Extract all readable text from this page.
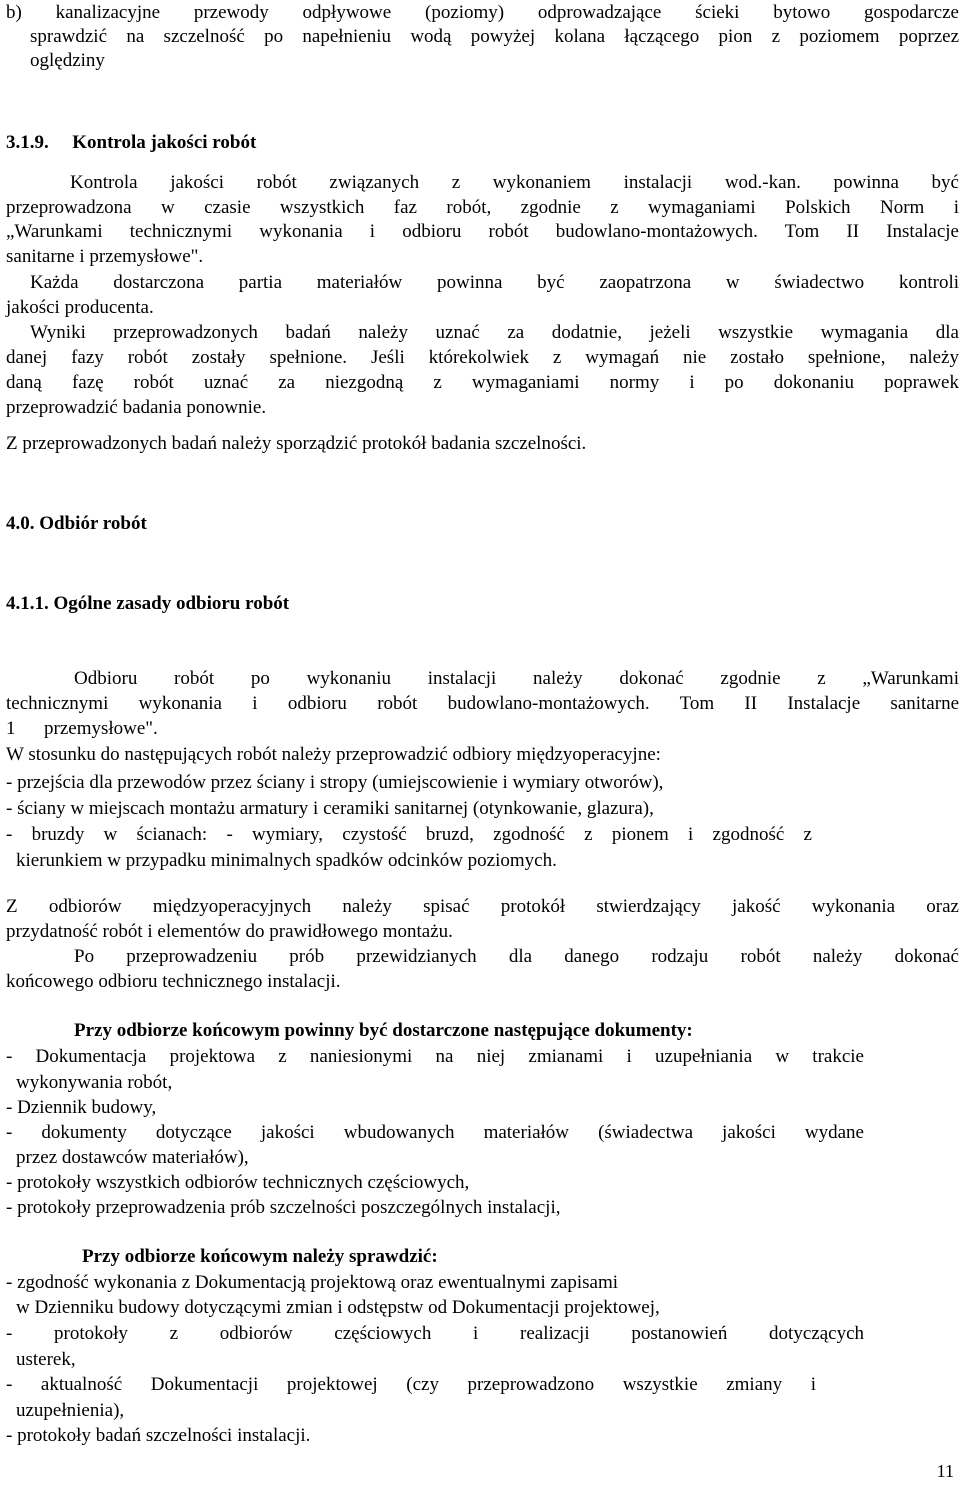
b) kanalizacyjne przewody odpływowe (poziomy) odprowadzające ścieki bytowo gospodarcze
sprawdzić na szczelność po napełnieniu wodą powyżej kolana łączącego pion z poziomem poprzez
oględziny
3.1.9. Kontrola jakości robót
Kontrola jakości robót związanych z wykonaniem instalacji wod.-kan. powinna być
przeprowadzona w czasie wszystkich faz robót, zgodnie z wymaganiami Polskich Norm i
„Warunkami technicznymi wykonania i odbioru robót budowlano-montażowych. Tom II Instalacje
sanitarne i przemysłowe".
Każda dostarczona partia materiałów powinna być zaopatrzona w świadectwo kontroli
jakości producenta.
Wyniki przeprowadzonych badań należy uznać za dodatnie, jeżeli wszystkie wymagania dla
danej fazy robót zostały spełnione. Jeśli którekolwiek z wymagań nie zostało spełnione, należy
daną fazę robót uznać za niezgodną z wymaganiami normy i po dokonaniu poprawek
przeprowadzić badania ponownie.
Z przeprowadzonych badań należy sporządzić protokół badania szczelności.
4.0. Odbiór robót
4.1.1. Ogólne zasady odbioru robót
Odbioru robót po wykonaniu instalacji należy dokonać zgodnie z „Warunkami
technicznymi wykonania i odbioru robót budowlano-montażowych. Tom II Instalacje sanitarne
1      przemysłowe".
W stosunku do następujących robót należy przeprowadzić odbiory międzyoperacyjne:
- przejścia dla przewodów przez ściany i stropy (umiejscowienie i wymiary otworów),
- ściany w miejscach montażu armatury i ceramiki sanitarnej (otynkowanie, glazura),
- bruzdy w ścianach: - wymiary, czystość bruzd, zgodność z pionem i zgodność z
kierunkiem w przypadku minimalnych spadków odcinków poziomych.
Z odbiorów międzyoperacyjnych należy spisać protokół stwierdzający jakość wykonania oraz
przydatność robót i elementów do prawidłowego montażu.
Po przeprowadzeniu prób przewidzianych dla danego rodzaju robót należy dokonać
końcowego odbioru technicznego instalacji.
Przy odbiorze końcowym powinny być dostarczone następujące dokumenty:
- Dokumentacja projektowa z naniesionymi na niej zmianami i uzupełniania w trakcie
wykonywania robót,
- Dziennik budowy,
- dokumenty dotyczące jakości wbudowanych materiałów (świadectwa jakości wydane
przez dostawców materiałów),
- protokoły wszystkich odbiorów technicznych częściowych,
- protokoły przeprowadzenia prób szczelności poszczególnych instalacji,
Przy odbiorze końcowym należy sprawdzić:
- zgodność wykonania z Dokumentacją projektową oraz ewentualnymi zapisami
w Dzienniku budowy dotyczącymi zmian i odstępstw od Dokumentacji projektowej,
- protokoły z odbiorów częściowych i realizacji postanowień dotyczących
usterek,
- aktualność Dokumentacji projektowej (czy przeprowadzono wszystkie zmiany i
uzupełnienia),
- protokoły badań szczelności instalacji.
11
